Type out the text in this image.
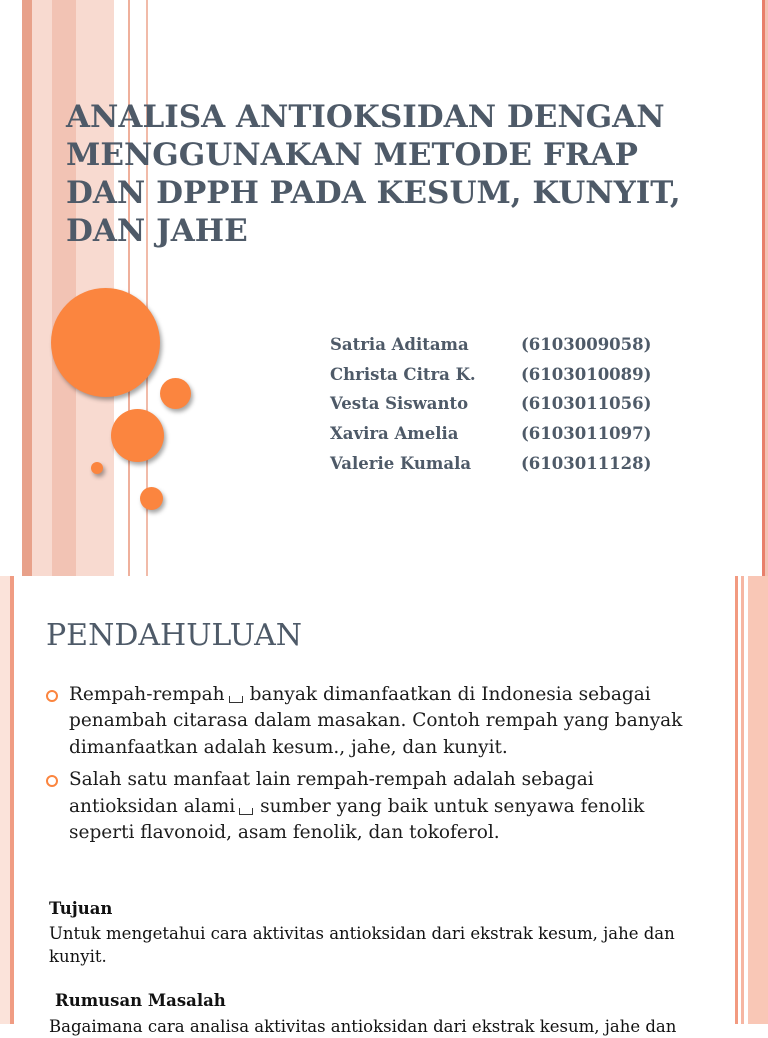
ANALISA ANTIOKSIDAN DENGAN MENGGUNAKAN METODE FRAP DAN DPPH PADA KESUM, KUNYIT, DAN JAHE
Satria Aditama	(6103009058)
Christa Citra K.	(6103010089)
Vesta Siswanto	(6103011056)
Xavira Amelia	(6103011097)
Valerie Kumala	(6103011128)
PENDAHULUAN
Rempah-rempah banyak dimanfaatkan di Indonesia sebagai penambah citarasa dalam masakan. Contoh rempah yang banyak dimanfaatkan adalah kesum., jahe, dan kunyit.
Salah satu manfaat lain rempah-rempah adalah sebagai antioksidan alami sumber yang baik untuk senyawa fenolik seperti flavonoid, asam fenolik, dan tokoferol.

Tujuan

Untuk mengetahui cara aktivitas antioksidan dari ekstrak kesum, jahe dan kunyit.

Rumusan Masalah

Bagaimana cara analisa aktivitas antioksidan dari ekstrak kesum, jahe dan
